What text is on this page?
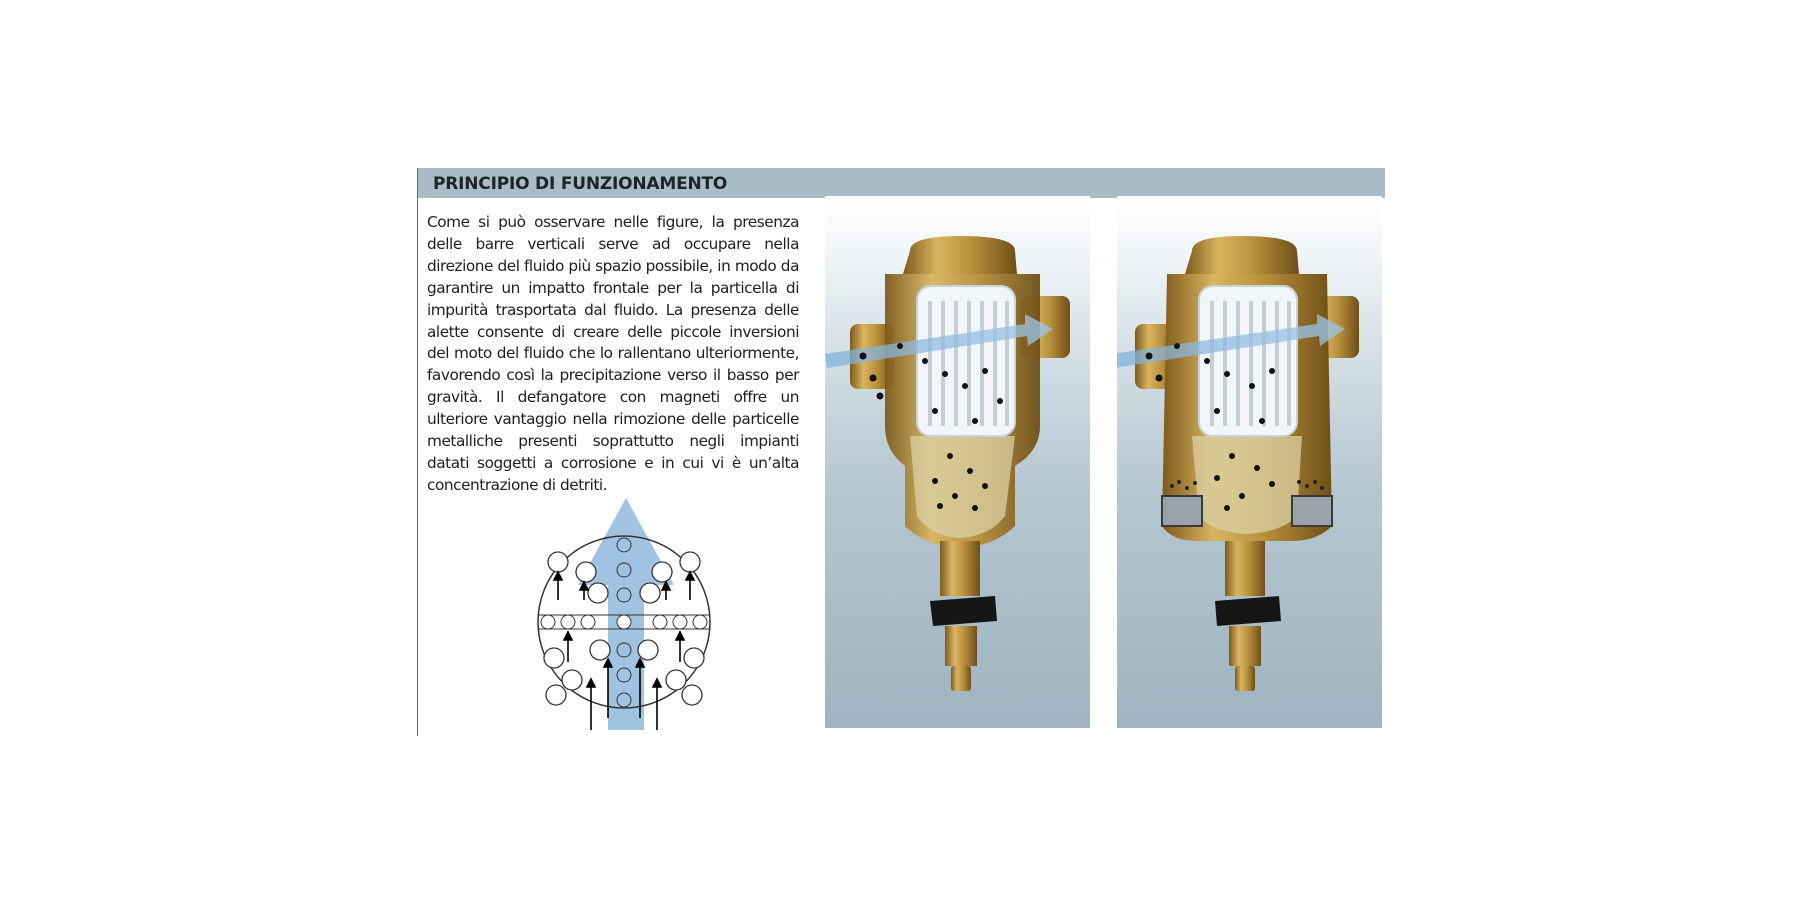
PRINCIPIO DI FUNZIONAMENTO
Come si può osservare nelle figure, la presenza delle barre verticali serve ad occupare nella direzione del fluido più spazio possibile, in modo da garantire un impatto frontale per la particella di impurità trasportata dal fluido. La presenza delle alette consente di creare delle piccole inversioni del moto del fluido che lo rallentano ulteriormente, favorendo così la precipitazione verso il basso per gravità. Il defangatore con magneti offre un ulteriore vantaggio nella rimozione delle particelle metalliche presenti soprattutto negli impianti datati soggetti a corrosione e in cui vi è un’alta concentrazione di detriti.
